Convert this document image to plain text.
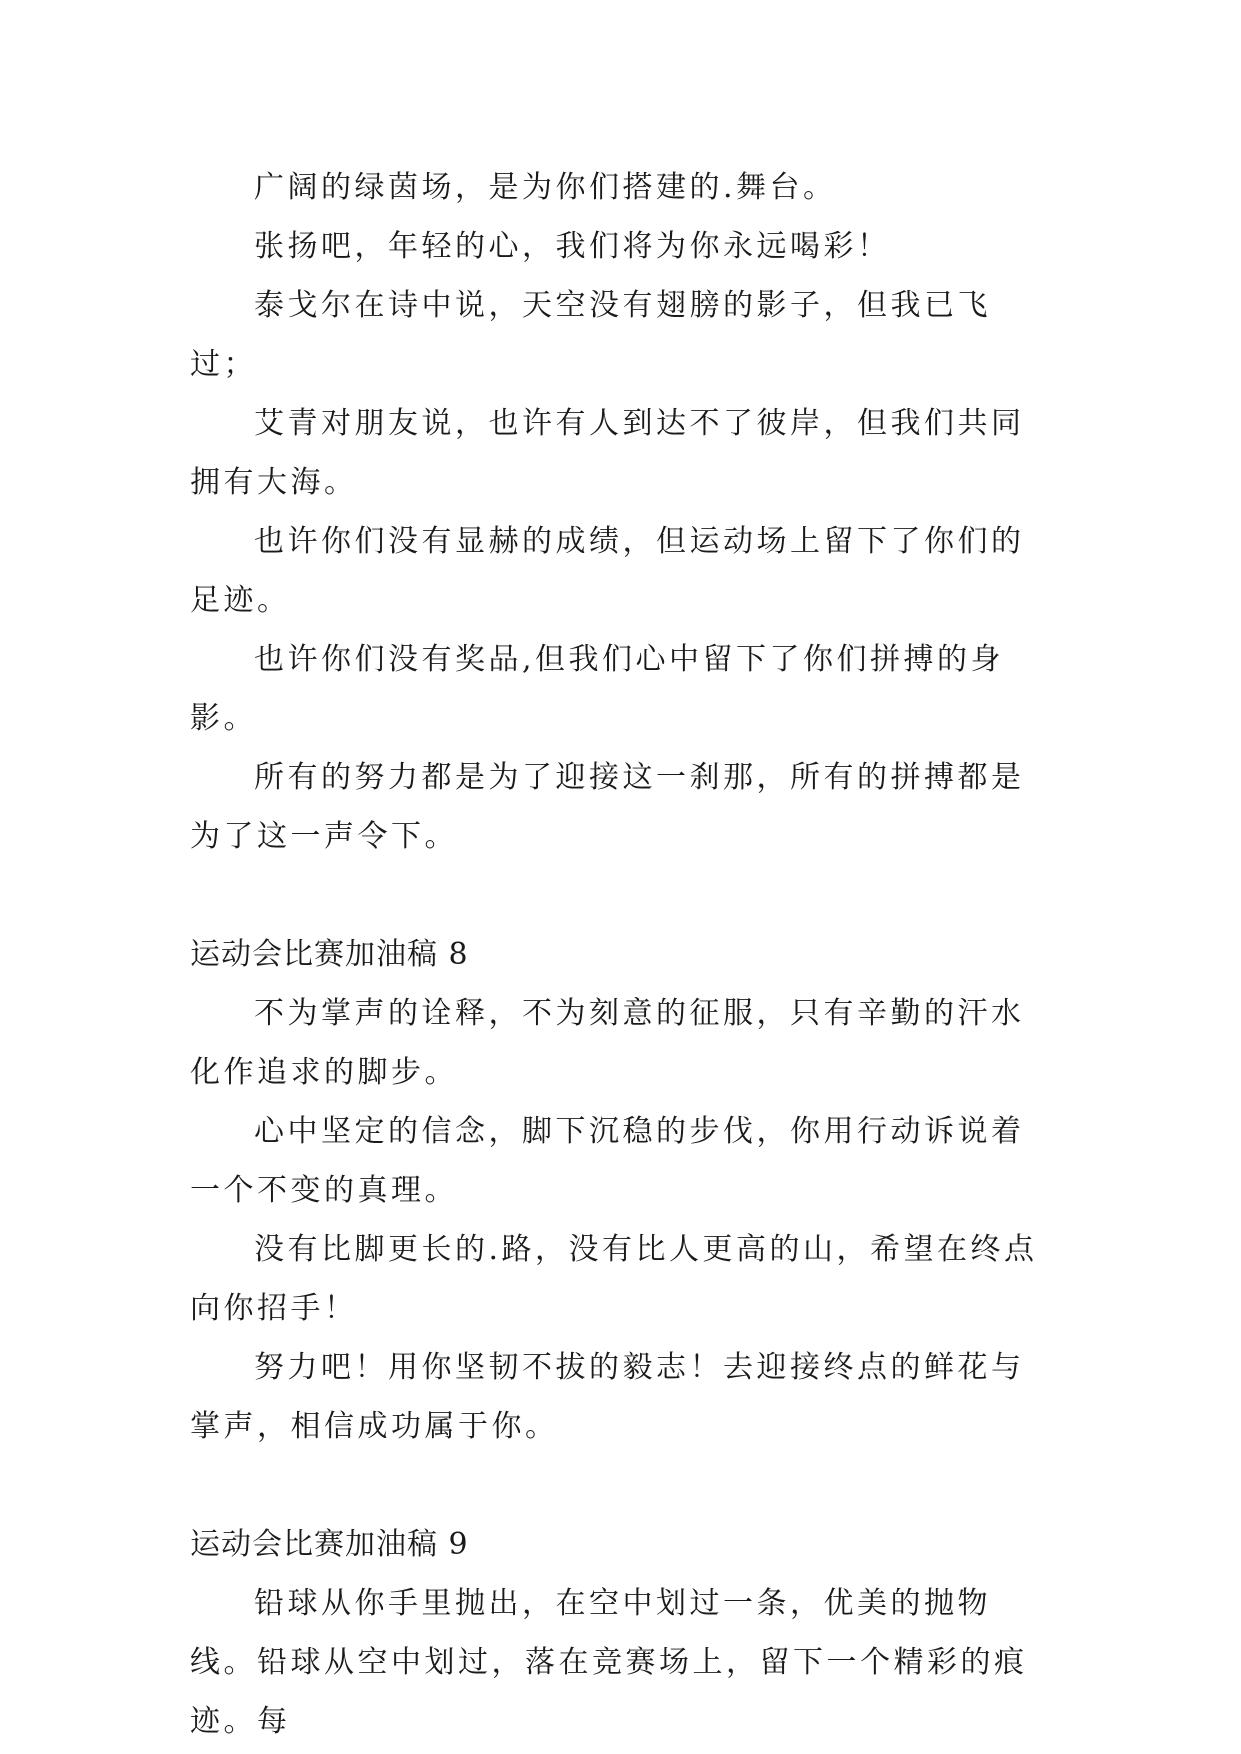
广阔的绿茵场，是为你们搭建的.舞台。

张扬吧，年轻的心，我们将为你永远喝彩！

泰戈尔在诗中说，天空没有翅膀的影子，但我已飞过；

艾青对朋友说，也许有人到达不了彼岸，但我们共同拥有大海。

也许你们没有显赫的成绩，但运动场上留下了你们的足迹。

也许你们没有奖品,但我们心中留下了你们拼搏的身影。

所有的努力都是为了迎接这一刹那，所有的拼搏都是为了这一声令下。

运动会比赛加油稿 8

不为掌声的诠释，不为刻意的征服，只有辛勤的汗水化作追求的脚步。

心中坚定的信念，脚下沉稳的步伐，你用行动诉说着一个不变的真理。

没有比脚更长的.路，没有比人更高的山，希望在终点向你招手！

努力吧！用你坚韧不拔的毅志！去迎接终点的鲜花与掌声，相信成功属于你。

运动会比赛加油稿 9

铅球从你手里抛出，在空中划过一条，优美的抛物线。铅球从空中划过，落在竞赛场上，留下一个精彩的痕迹。每
